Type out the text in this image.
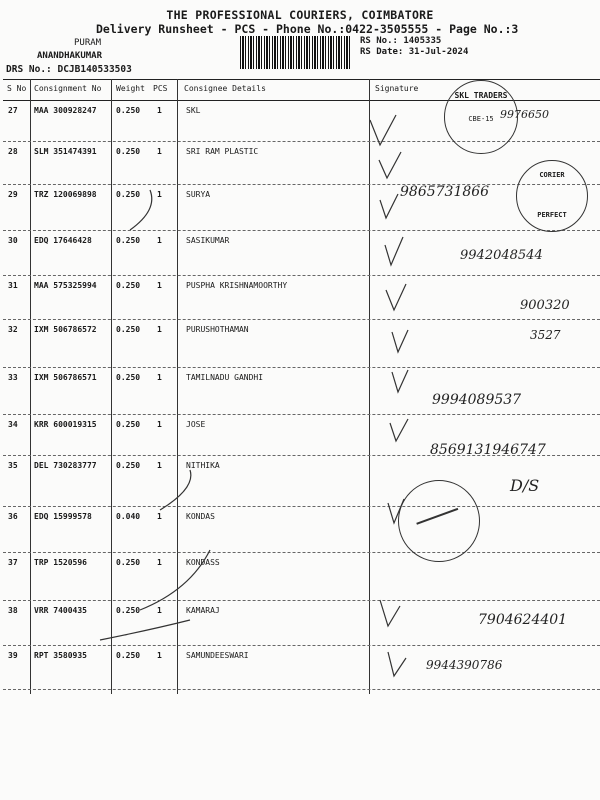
THE PROFESSIONAL COURIERS, COIMBATORE
Delivery Runsheet - PCS - Phone No.:0422-3505555 - Page No.:3
PURAM
ANANDHAKUMAR
RS No.: 1405335
RS Date: 31-Jul-2024
DRS No.: DCJB140533503
S No Consignment No Weight PCS Consignee Details	Signature
27 MAA 300928247 0.250 1	SKL
28 SLM 351474391 0.250 1	SRI RAM PLASTIC
29 TRZ 120069898 0.250 1	SURYA
30 EDQ 17646428	0.250 1	SASIKUMAR
31 MAA 575325994 0.250 1	PUSPHA KRISHNAMOORTHY
32 IXM 506786572 0.250 1	PURUSHOTHAMAN
33 IXM 506786571 0.250 1	TAMILNADU GANDHI
34 KRR 600019315 0.250 1	JOSE
35 DEL 730283777 0.250 1	NITHIKA
36 EDQ 15999578	0.040 1	KONDAS
37 TRP 1520596	0.250 1	KONDASS
38 VRR 7400435	0.250 1	KAMARAJ
39 RPT 3580935	0.250 1	SAMUNDEESWARI
SKL TRADERS
CBE-15
CORIER
PERFECT
9976650
9865731866
9942048544
900320
3527
9994089537
8569131946747
D/S
7904624401
9944390786
